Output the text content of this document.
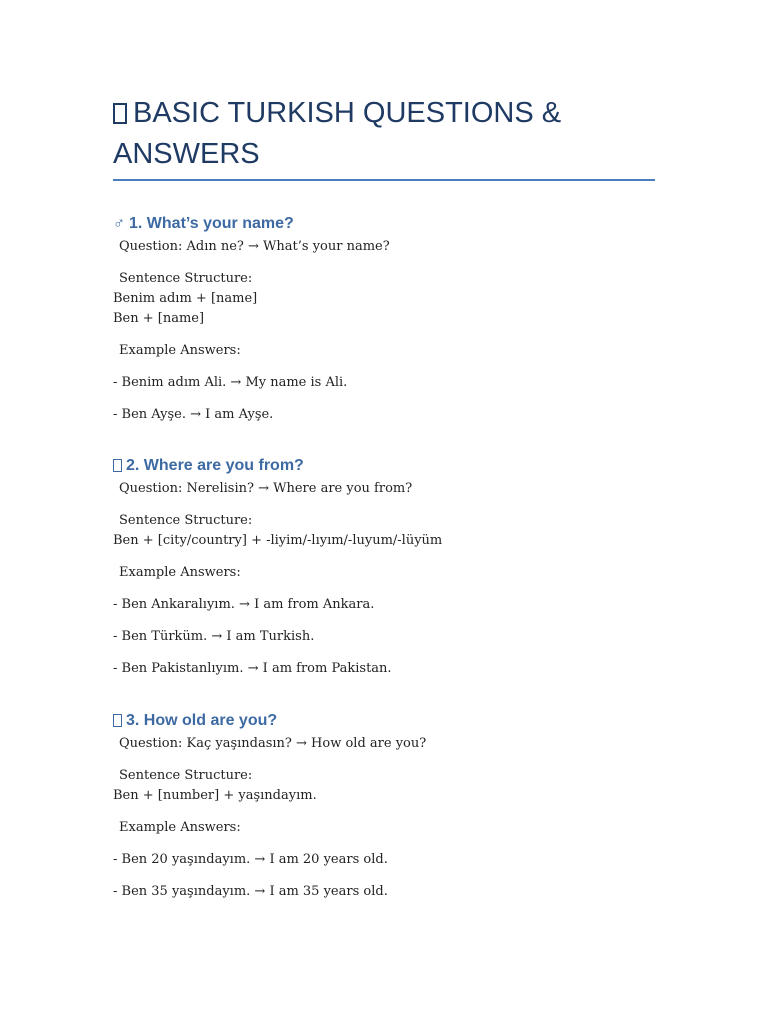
BASIC TURKISH QUESTIONS & ANSWERS
♂ 1. What’s your name?
Question: Adın ne? → What’s your name?
Sentence Structure:
Benim adım + [name]
Ben + [name]
Example Answers:
- Benim adım Ali. → My name is Ali.
- Ben Ayşe. → I am Ayşe.
2. Where are you from?
Question: Nerelisin? → Where are you from?
Sentence Structure:
Ben + [city/country] + -liyim/-lıyım/-luyum/-lüyüm
Example Answers:
- Ben Ankaralıyım. → I am from Ankara.
- Ben Türküm. → I am Turkish.
- Ben Pakistanlıyım. → I am from Pakistan.
3. How old are you?
Question: Kaç yaşındasın? → How old are you?
Sentence Structure:
Ben + [number] + yaşındayım.
Example Answers:
- Ben 20 yaşındayım. → I am 20 years old.
- Ben 35 yaşındayım. → I am 35 years old.
